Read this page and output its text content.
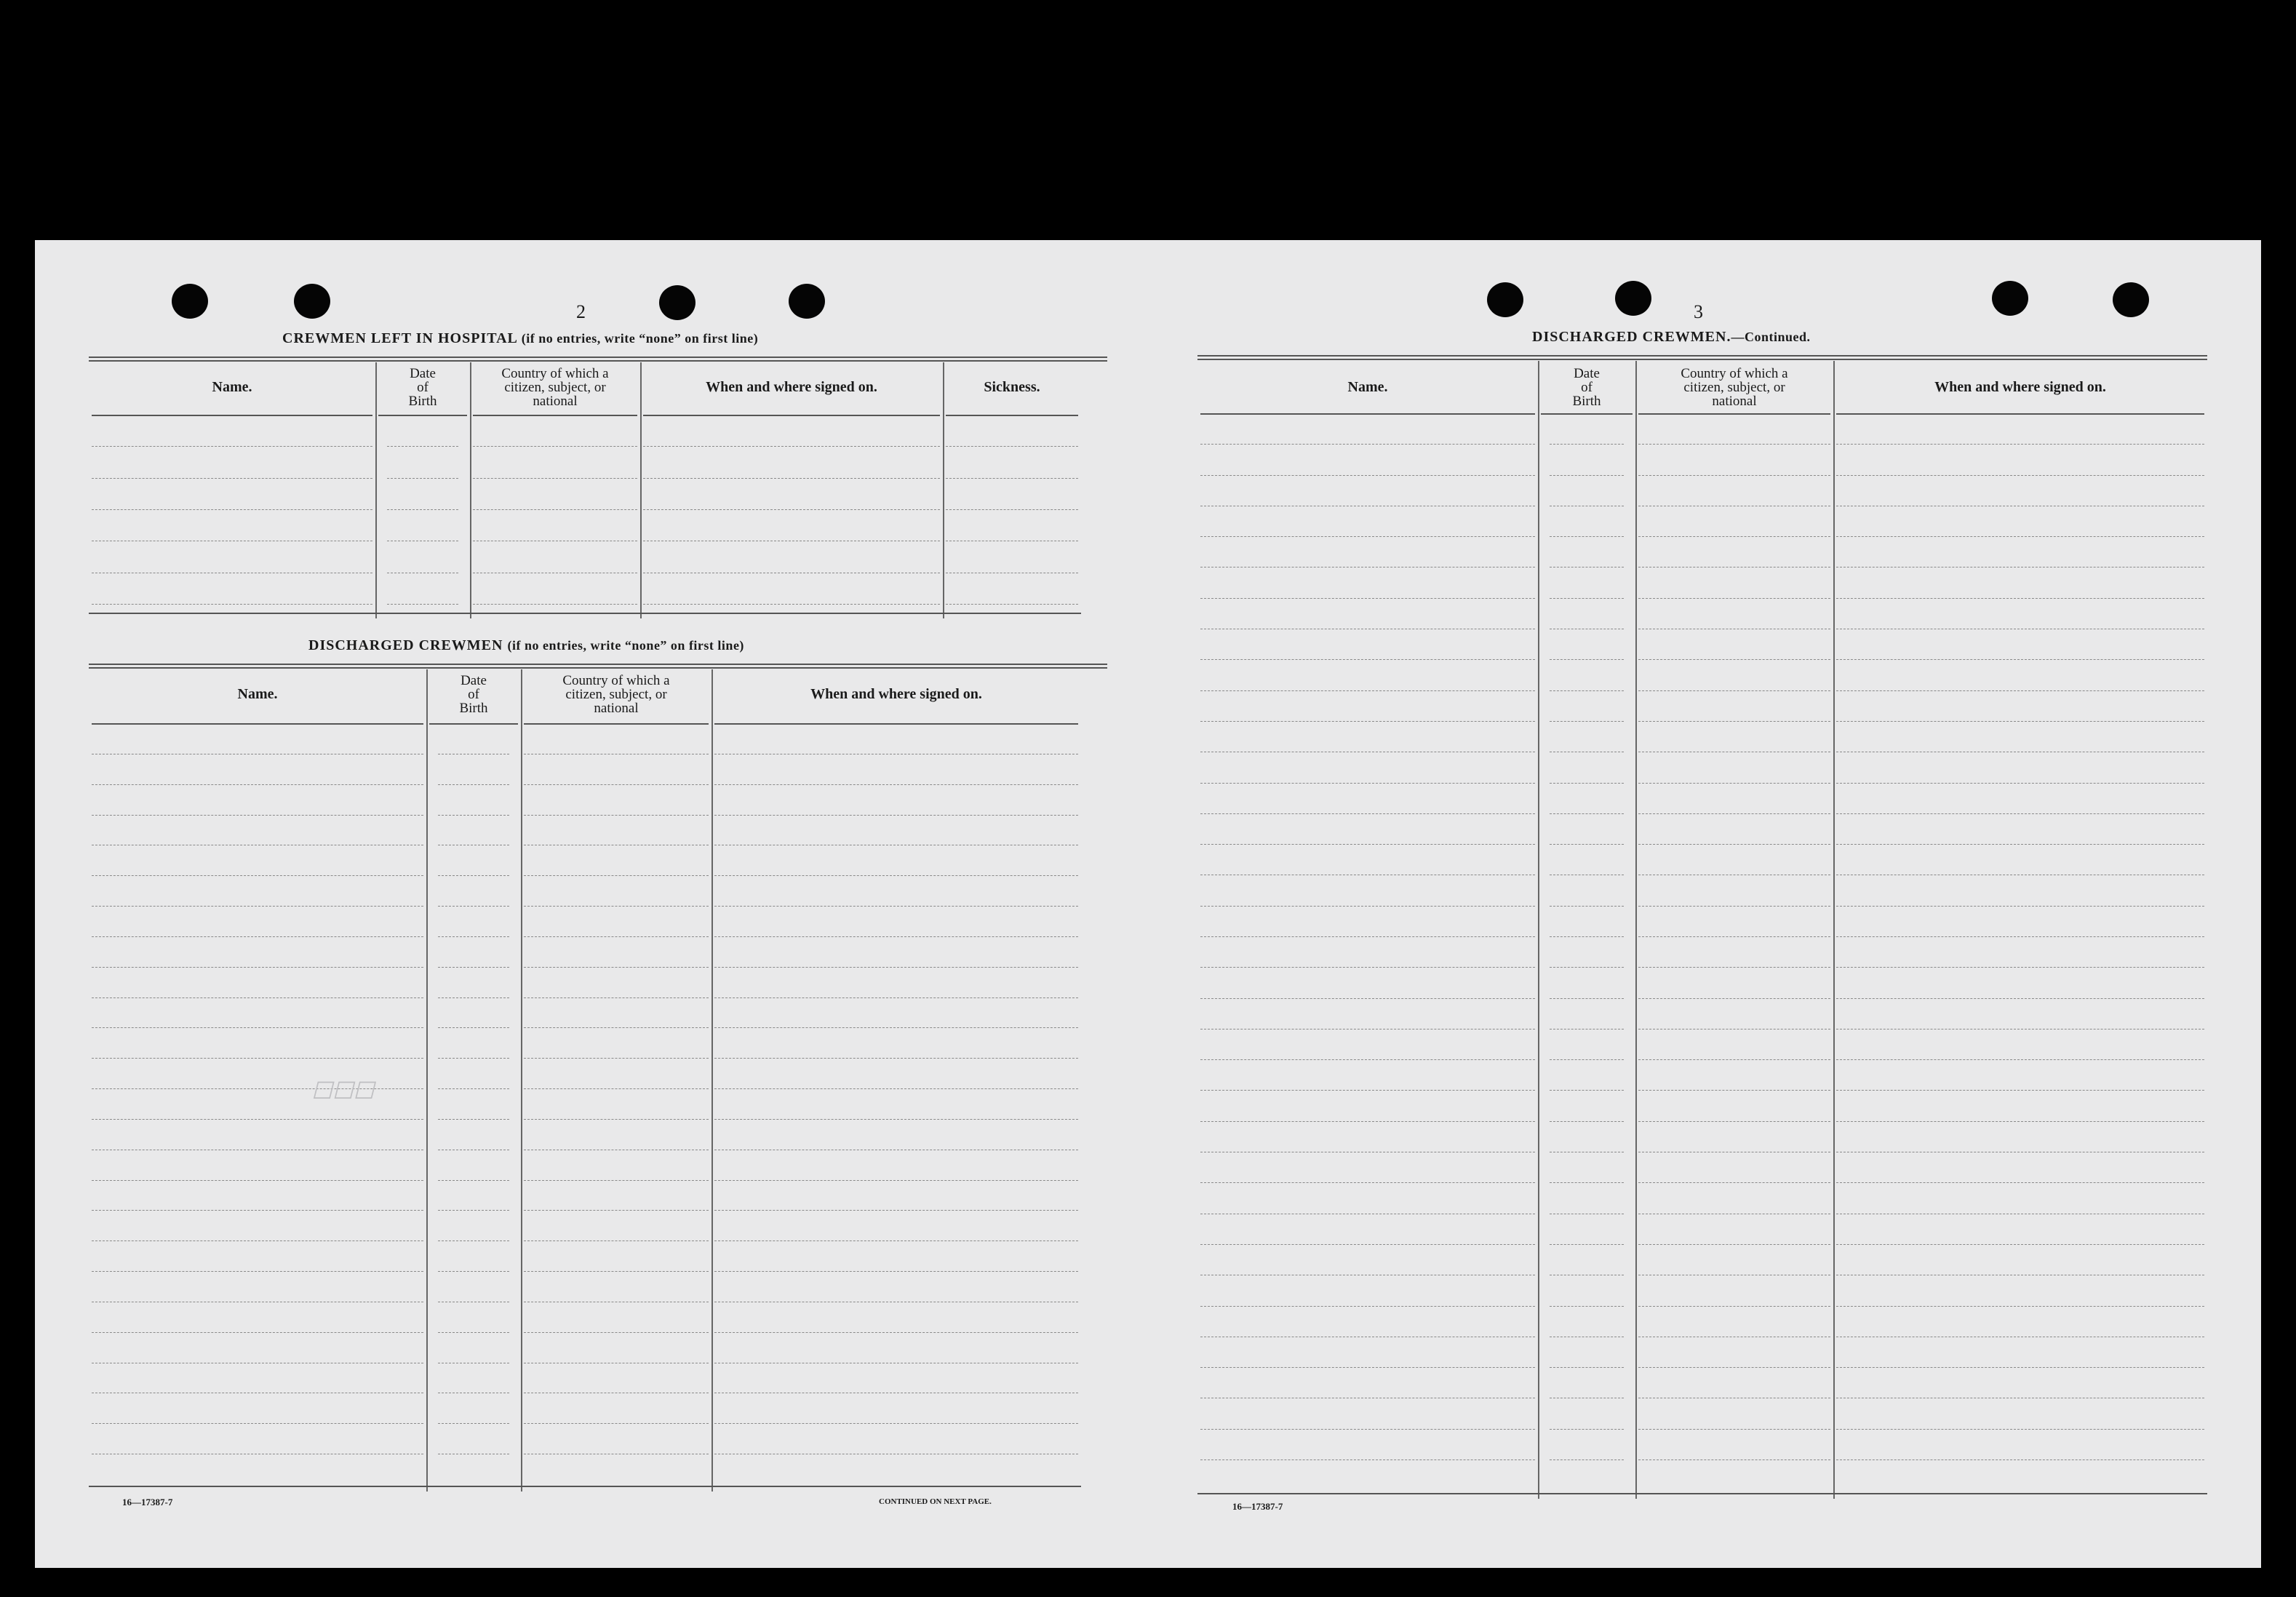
2
CREWMEN LEFT IN HOSPITAL (if no entries, write “none” on first line)
Name.
Date
of
Birth
Country of which a
citizen, subject, or
national
When and where signed on.	Sickness.
DISCHARGED CREWMEN (if no entries, write “none” on first line)
Name.
Date
of
Birth
Country of which a
citizen, subject, or
national
When and where signed on.
☐☐☐
16—17387-7	CONTINUED ON NEXT PAGE.
3
DISCHARGED CREWMEN.—Continued.
Name.
Date
of
Birth
Country of which a
citizen, subject, or
national
When and where signed on.
16—17387-7
